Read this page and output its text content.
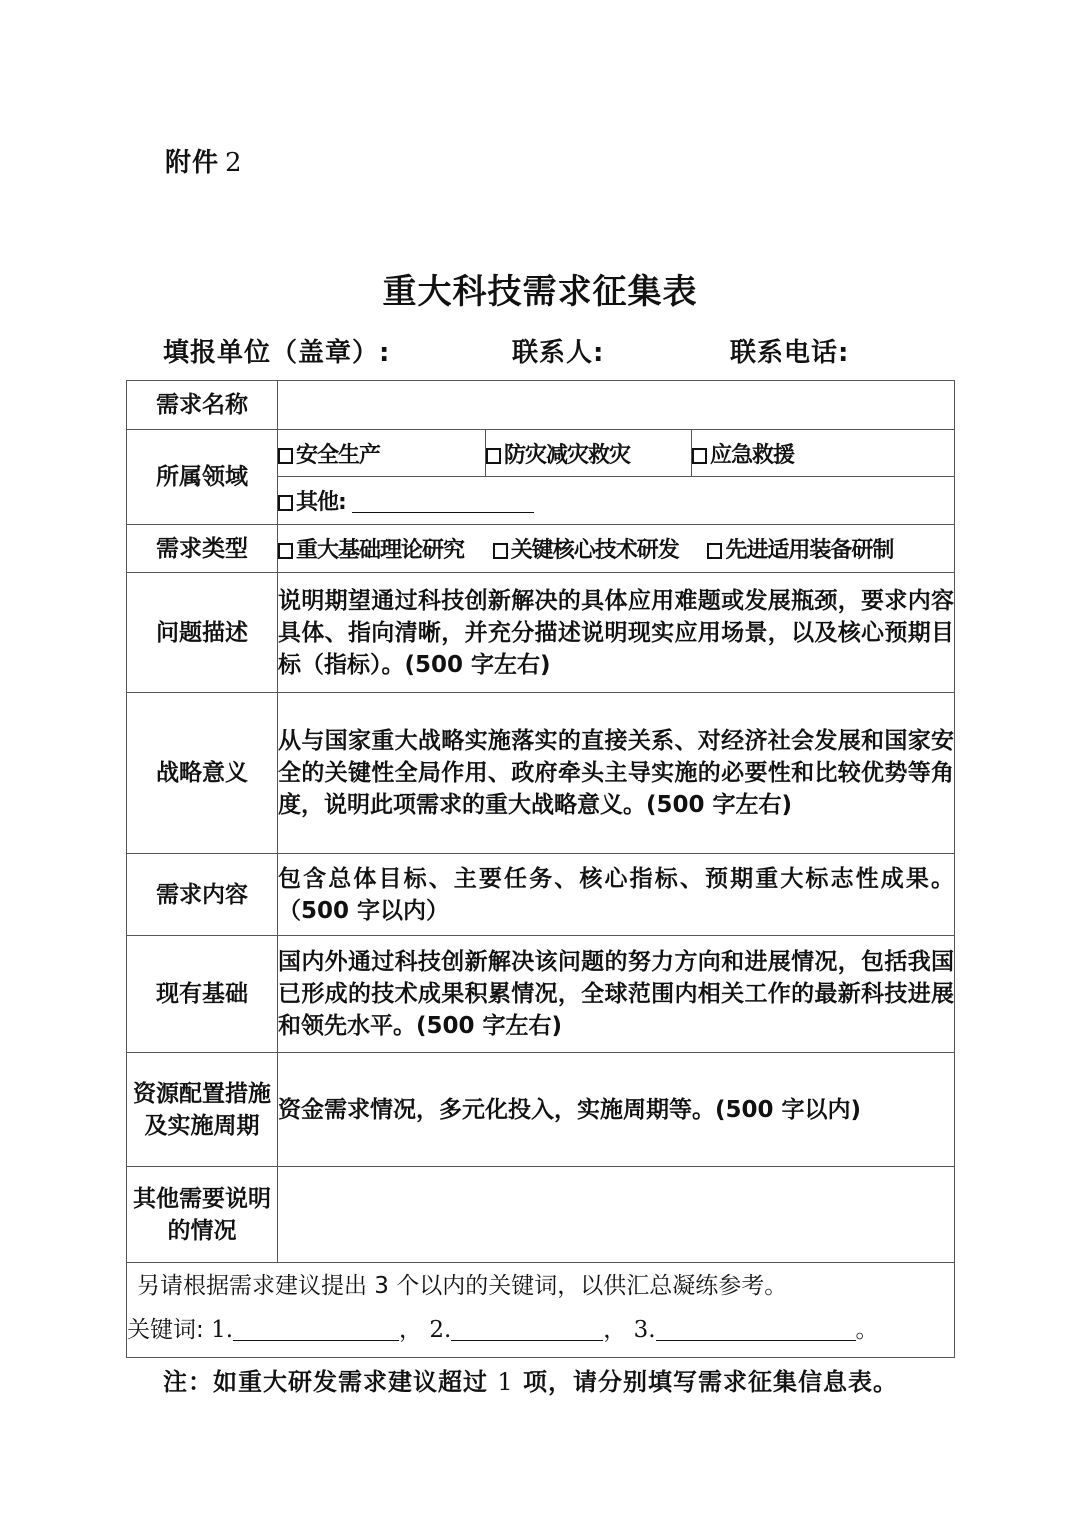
附件 2
重大科技需求征集表
填报单位（盖章）:	联系人:	联系电话:
需求名称			
所属领域	安全生产	防灾减灾救灾	应急救援
	其他:		
需求类型	重大基础理论研究 关键核心技术研发 先进适用装备研制		
问题描述	说明期望通过科技创新解决的具体应用难题或发展瓶颈，要求内容具体、指向清晰，并充分描述说明现实应用场景，以及核心预期目标（指标）。(500 字左右)		
战略意义	从与国家重大战略实施落实的直接关系、对经济社会发展和国家安全的关键性全局作用、政府牵头主导实施的必要性和比较优势等角度，说明此项需求的重大战略意义。(500 字左右)		
需求内容	包含总体目标、主要任务、核心指标、预期重大标志性成果。（500 字以内）		
现有基础	国内外通过科技创新解决该问题的努力方向和进展情况，包括我国已形成的技术成果积累情况，全球范围内相关工作的最新科技进展和领先水平。(500 字左右)		
资源配置措施及实施周期	资金需求情况，多元化投入，实施周期等。(500 字以内)		
其他需要说明的情况			

另请根据需求建议提出 3 个以内的关键词，以供汇总凝练参考。
关键词: 1. ， 2. ， 3. 。			
注：如重大研发需求建议超过 1 项，请分别填写需求征集信息表。
